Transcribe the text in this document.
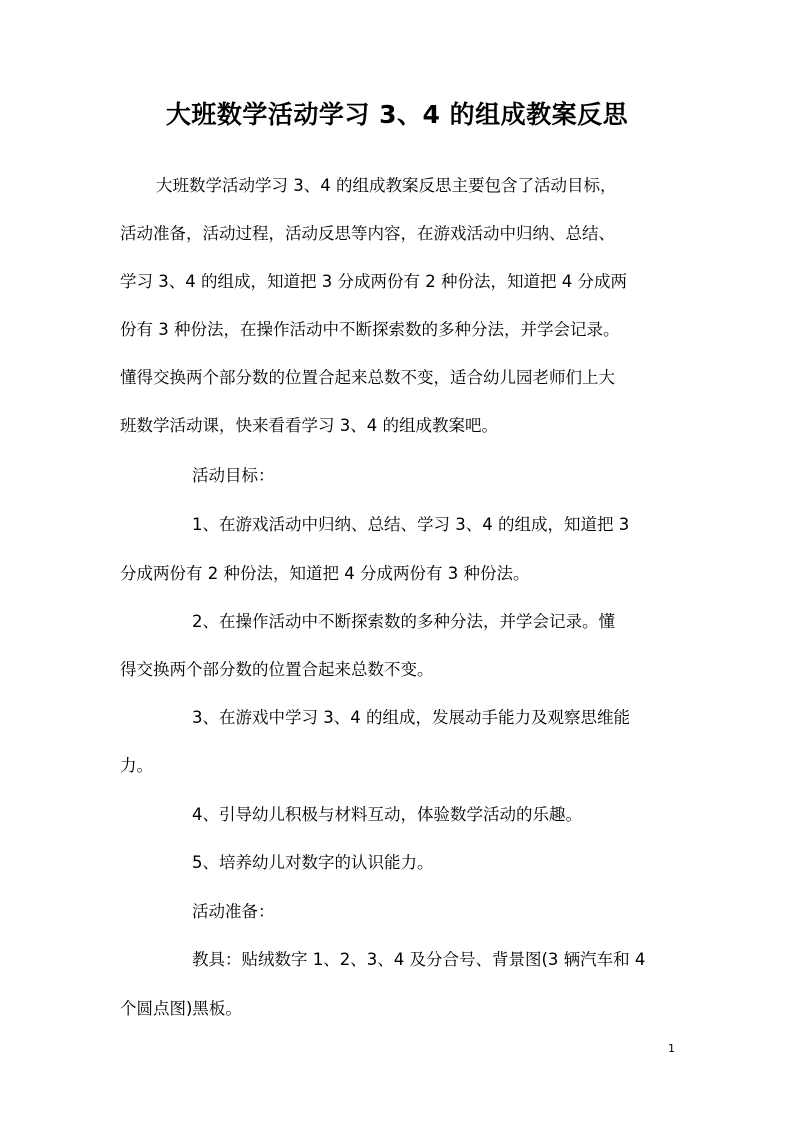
大班数学活动学习 3、4 的组成教案反思
大班数学活动学习 3、4 的组成教案反思主要包含了活动目标，
活动准备，活动过程，活动反思等内容，在游戏活动中归纳、总结、
学习 3、4 的组成，知道把 3 分成两份有 2 种份法，知道把 4 分成两
份有 3 种份法，在操作活动中不断探索数的多种分法，并学会记录。
懂得交换两个部分数的位置合起来总数不变，适合幼儿园老师们上大
班数学活动课，快来看看学习 3、4 的组成教案吧。
活动目标：
1、在游戏活动中归纳、总结、学习 3、4 的组成，知道把 3
分成两份有 2 种份法，知道把 4 分成两份有 3 种份法。
2、在操作活动中不断探索数的多种分法，并学会记录。懂
得交换两个部分数的位置合起来总数不变。
3、在游戏中学习 3、4 的组成，发展动手能力及观察思维能
力。
4、引导幼儿积极与材料互动，体验数学活动的乐趣。
5、培养幼儿对数字的认识能力。
活动准备：
教具：贴绒数字 1、2、3、4 及分合号、背景图(3 辆汽车和 4
个圆点图)黑板。
1
